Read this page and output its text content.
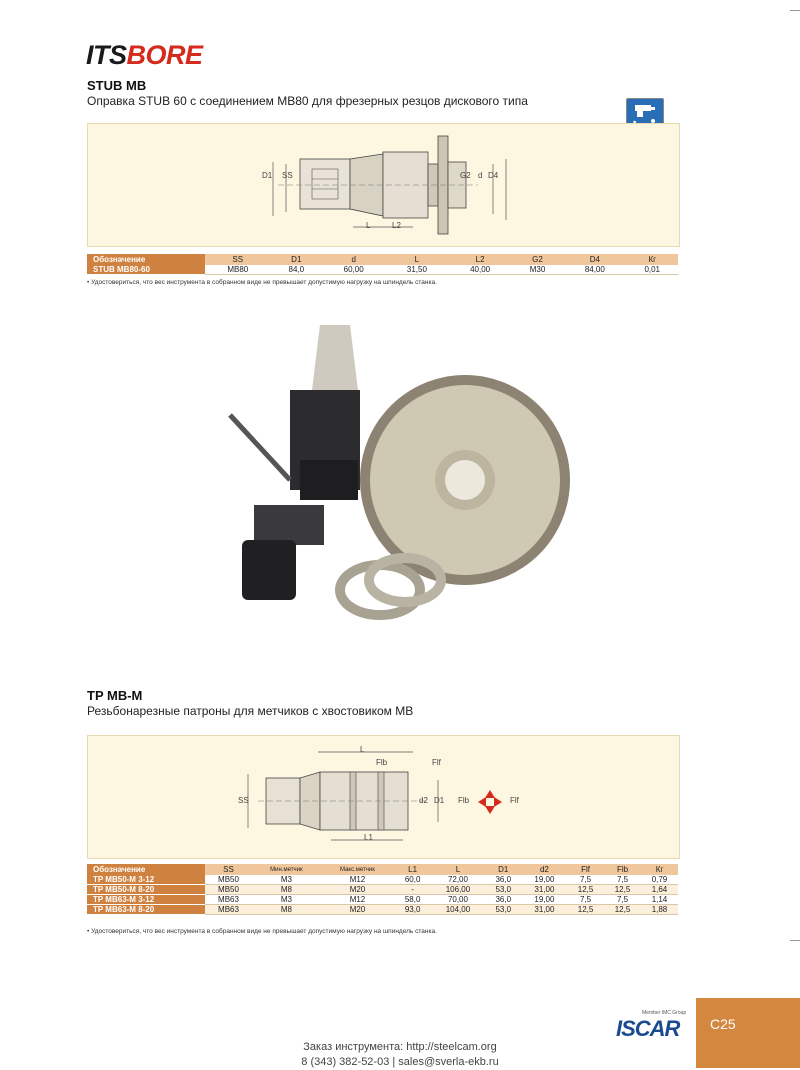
ITSBORE
STUB MB
Оправка STUB 60 с соединением MB80 для фрезерных резцов дискового типа
D1 SS	G2 d D4
L	L2
Обозначение	SS	D1	d	L	L2	G2	D4	Кг
STUB MB80-60	MB80	84,0	60,00	31,50	40,00	M30	84,00	0,01
• Удостовериться, что вес инструмента в собранном виде не превышает допустимую нагрузку на шпиндель станка.
TP MB-M
Резьбонарезные патроны для метчиков с хвостовиком MB
L
Flb	Flf
SS	d2 D1
L1
Flb	Flf
Обозначение	SS	Мин.метчик	Макс.метчик	L1	L	D1	d2	Flf	Flb	Кг
TP MB50-M 3-12	MB50	M3	M12	60,0	72,00	36,0	19,00	7,5	7,5	0,79
TP MB50-M 8-20	MB50	M8	M20	-	106,00	53,0	31,00	12,5	12,5	1,64
TP MB63-M 3-12	MB63	M3	M12	58,0	70,00	36,0	19,00	7,5	7,5	1,14
TP MB63-M 8-20	MB63	M8	M20	93,0	104,00	53,0	31,00	12,5	12,5	1,88
• Удостовериться, что вес инструмента в собранном виде не превышает допустимую нагрузку на шпиндель станка.
Member IMC Group
ISCAR	C25
Заказ инструмента: http://steelcam.org
8 (343) 382-52-03 | sales@sverla-ekb.ru
